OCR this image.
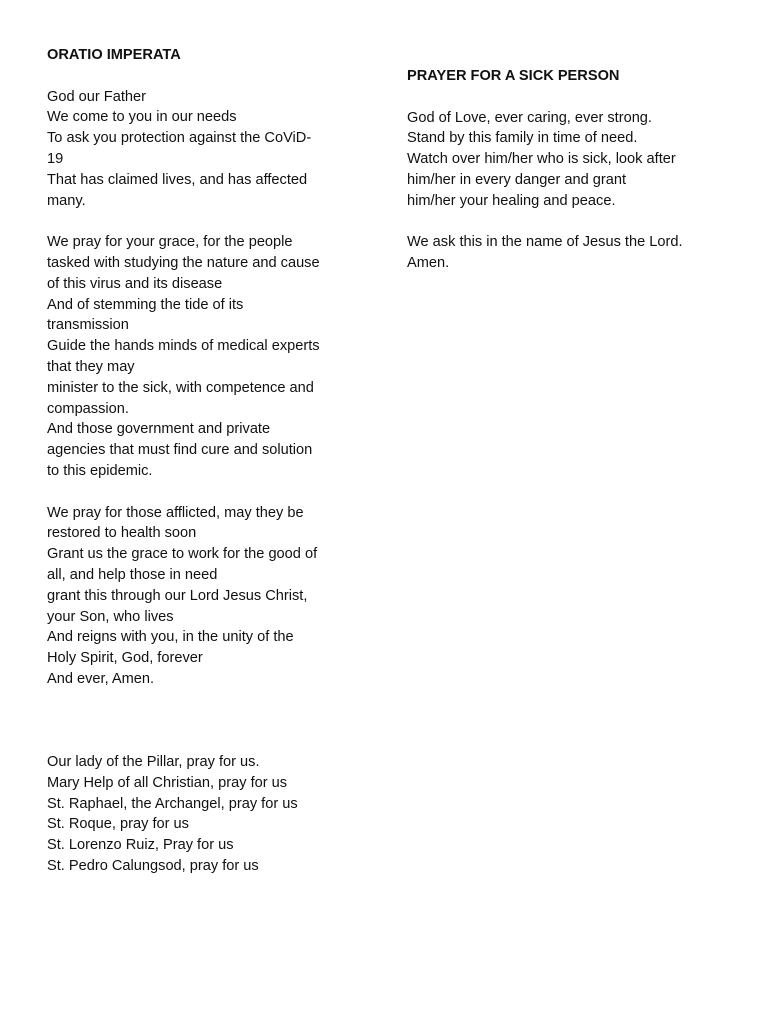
ORATIO IMPERATA
God our Father
We come to you in our needs
To ask you protection against the CoViD-
19
That has claimed lives, and has affected
many.
We pray for your grace, for the people
tasked with studying the nature and cause
of this virus and its disease
And of stemming the tide of its
transmission
Guide the hands minds of medical experts
that they may
minister to the sick, with competence and
compassion.
And those government and private
agencies that must find cure and solution
to this epidemic.
We pray for those afflicted, may they be
restored to health soon
Grant us the grace to work for the good of
all, and help those in need
grant this through our Lord Jesus Christ,
your Son, who lives
And reigns with you, in the unity of the
Holy Spirit, God, forever
And ever, Amen.
Our lady of the Pillar, pray for us.
Mary Help of all Christian, pray for us
St. Raphael, the Archangel, pray for us
St. Roque, pray for us
St. Lorenzo Ruiz, Pray for us
St. Pedro Calungsod, pray for us
PRAYER FOR A SICK PERSON
God of Love, ever caring, ever strong.
Stand by this family in time of need.
Watch over him/her who is sick, look after
him/her in every danger and grant
him/her your healing and peace.
We ask this in the name of Jesus the Lord.
Amen.
